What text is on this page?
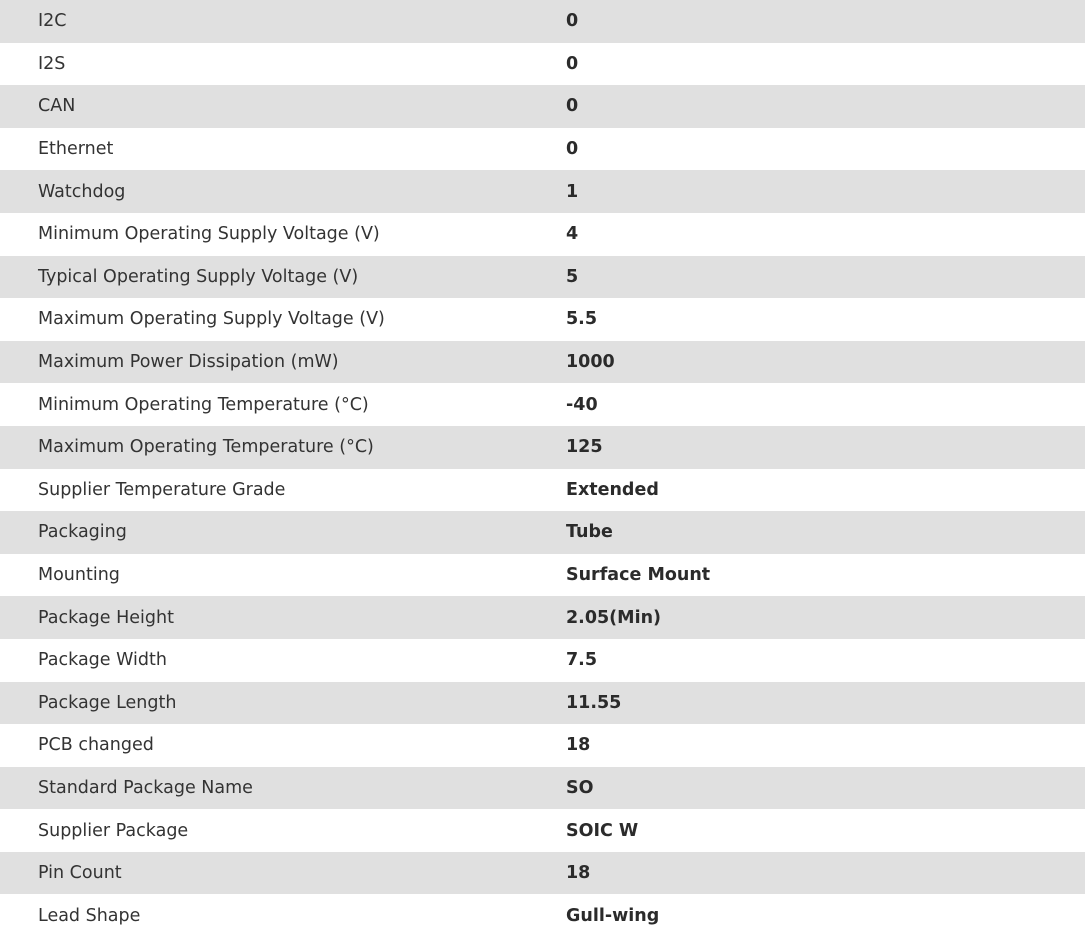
I2C	0
I2S	0
CAN	0
Ethernet	0
Watchdog	1
Minimum Operating Supply Voltage (V)	4
Typical Operating Supply Voltage (V)	5
Maximum Operating Supply Voltage (V)	5.5
Maximum Power Dissipation (mW)	1000
Minimum Operating Temperature (°C)	-40
Maximum Operating Temperature (°C)	125
Supplier Temperature Grade	Extended
Packaging	Tube
Mounting	Surface Mount
Package Height	2.05(Min)
Package Width	7.5
Package Length	11.55
PCB changed	18
Standard Package Name	SO
Supplier Package	SOIC W
Pin Count	18
Lead Shape	Gull-wing
